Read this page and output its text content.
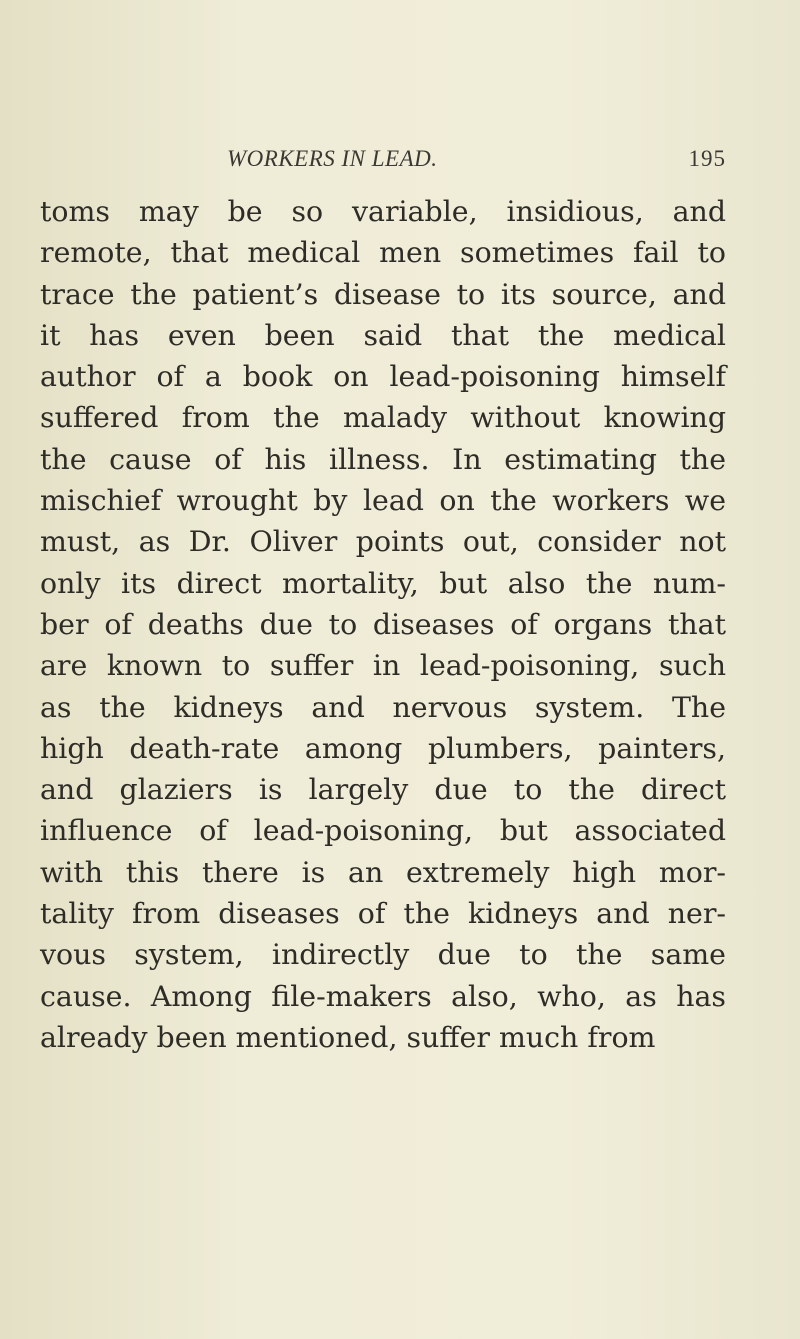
WORKERS IN LEAD.	195
toms may be so variable, insidious, and
remote, that medical men sometimes fail to
trace the patient’s disease to its source, and
it has even been said that the medical
author of a book on lead-poisoning himself
suffered from the malady without knowing
the cause of his illness. In estimating the
mischief wrought by lead on the workers we
must, as Dr. Oliver points out, consider not
only its direct mortality, but also the num-
ber of deaths due to diseases of organs that
are known to suffer in lead-poisoning, such
as the kidneys and nervous system. The
high death-rate among plumbers, painters,
and glaziers is largely due to the direct
influence of lead-poisoning, but associated
with this there is an extremely high mor-
tality from diseases of the kidneys and ner-
vous system, indirectly due to the same
cause. Among file-makers also, who, as has
already been mentioned, suffer much from
